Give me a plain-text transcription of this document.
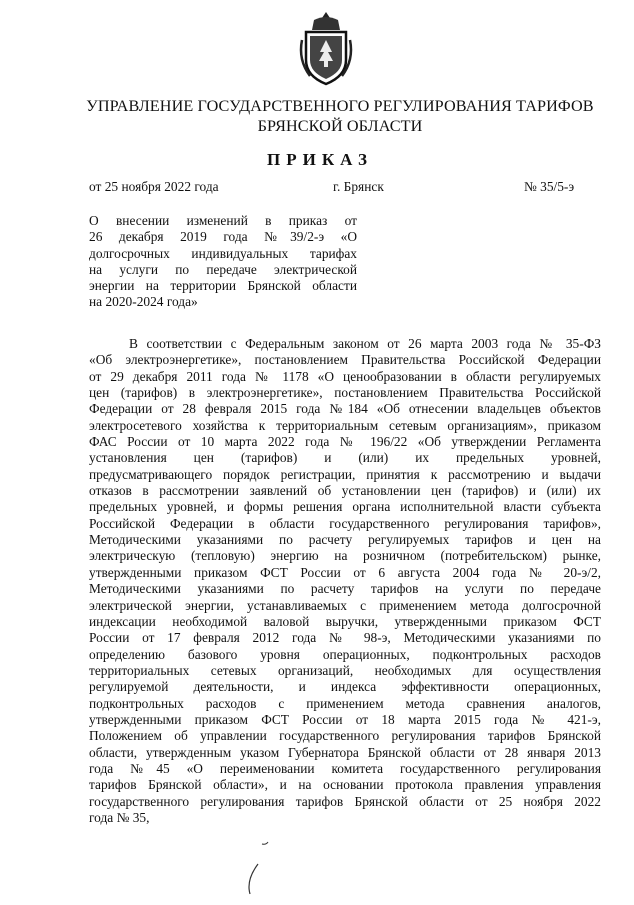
УПРАВЛЕНИЕ ГОСУДАРСТВЕННОГО РЕГУЛИРОВАНИЯ ТАРИФОВ
БРЯНСКОЙ ОБЛАСТИ
ПРИКАЗ
от 25 ноября 2022 года	г. Брянск	№ 35/5-э
О внесении изменений в приказ от
26 декабря 2019 года №39/2-э «О
долгосрочных индивидуальных тарифах
на услуги по передаче электрической
энергии на территории Брянской области
на 2020-2024 года»
В соответствии с Федеральным законом от 26 марта 2003 года № 35-ФЗ
«Об электроэнергетике», постановлением Правительства Российской Федерации
от 29 декабря 2011 года № 1178 «О ценообразовании в области регулируемых
цен (тарифов) в электроэнергетике», постановлением Правительства Российской
Федерации от 28 февраля 2015 года №184 «Об отнесении владельцев объектов
электросетевого хозяйства к территориальным сетевым организациям», приказом
ФАС России от 10 марта 2022 года № 196/22 «Об утверждении Регламента
установления цен (тарифов) и (или) их предельных уровней,
предусматривающего порядок регистрации, принятия к рассмотрению и выдачи
отказов в рассмотрении заявлений об установлении цен (тарифов) и (или) их
предельных уровней, и формы решения органа исполнительной власти субъекта
Российской Федерации в области государственного регулирования тарифов»,
Методическими указаниями по расчету регулируемых тарифов и цен на
электрическую (тепловую) энергию на розничном (потребительском) рынке,
утвержденными приказом ФСТ России от 6 августа 2004 года № 20-э/2,
Методическими указаниями по расчету тарифов на услуги по передаче
электрической энергии, устанавливаемых с применением метода долгосрочной
индексации необходимой валовой выручки, утвержденными приказом ФСТ
России от 17 февраля 2012 года № 98-э, Методическими указаниями по
определению базового уровня операционных, подконтрольных расходов
территориальных сетевых организаций, необходимых для осуществления
регулируемой деятельности, и индекса эффективности операционных,
подконтрольных расходов с применением метода сравнения аналогов,
утвержденными приказом ФСТ России от 18 марта 2015 года № 421-э,
Положением об управлении государственного регулирования тарифов Брянской
области, утвержденным указом Губернатора Брянской области от 28 января 2013
года №45 «О переименовании комитета государственного регулирования
тарифов Брянской области», и на основании протокола правления управления
государственного регулирования тарифов Брянской области от 25 ноября 2022
года № 35,
